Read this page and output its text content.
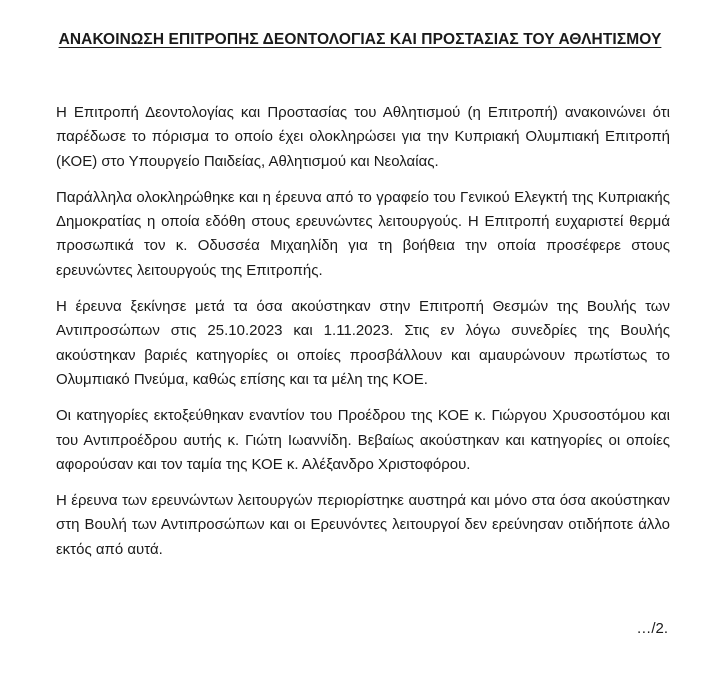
ΑΝΑΚΟΙΝΩΣΗ ΕΠΙΤΡΟΠΗΣ ΔΕΟΝΤΟΛΟΓΙΑΣ ΚΑΙ ΠΡΟΣΤΑΣΙΑΣ ΤΟΥ ΑΘΛΗΤΙΣΜΟΥ

Η Επιτροπή Δεοντολογίας και Προστασίας του Αθλητισμού (η Επιτροπή) ανακοινώνει ότι παρέδωσε το πόρισμα το οποίο έχει ολοκληρώσει για την Κυπριακή Ολυμπιακή Επιτροπή (ΚΟΕ) στο Υπουργείο Παιδείας, Αθλητισμού και Νεολαίας.

Παράλληλα ολοκληρώθηκε και η έρευνα από το γραφείο του Γενικού Ελεγκτή της Κυπριακής Δημοκρατίας η οποία εδόθη στους ερευνώντες λειτουργούς. Η Επιτροπή ευχαριστεί θερμά προσωπικά τον κ. Οδυσσέα Μιχαηλίδη για τη βοήθεια την οποία προσέφερε στους ερευνώντες λειτουργούς της Επιτροπής.

Η έρευνα ξεκίνησε μετά τα όσα ακούστηκαν στην Επιτροπή Θεσμών της Βουλής των Αντιπροσώπων στις 25.10.2023 και 1.11.2023. Στις εν λόγω συνεδρίες της Βουλής ακούστηκαν βαριές κατηγορίες οι οποίες προσβάλλουν και αμαυρώνουν πρωτίστως το Ολυμπιακό Πνεύμα, καθώς επίσης και τα μέλη της ΚΟΕ.

Οι κατηγορίες εκτοξεύθηκαν εναντίον του Προέδρου της ΚΟΕ κ. Γιώργου Χρυσοστόμου και του Αντιπροέδρου αυτής κ. Γιώτη Ιωαννίδη. Βεβαίως ακούστηκαν και κατηγορίες οι οποίες αφορούσαν και τον ταμία της ΚΟΕ κ. Αλέξανδρο Χριστοφόρου.

Η έρευνα των ερευνώντων λειτουργών περιορίστηκε αυστηρά και μόνο στα όσα ακούστηκαν στη Βουλή των Αντιπροσώπων και οι Ερευνόντες λειτουργοί δεν ερεύνησαν οτιδήποτε άλλο εκτός από αυτά.

…/2.
